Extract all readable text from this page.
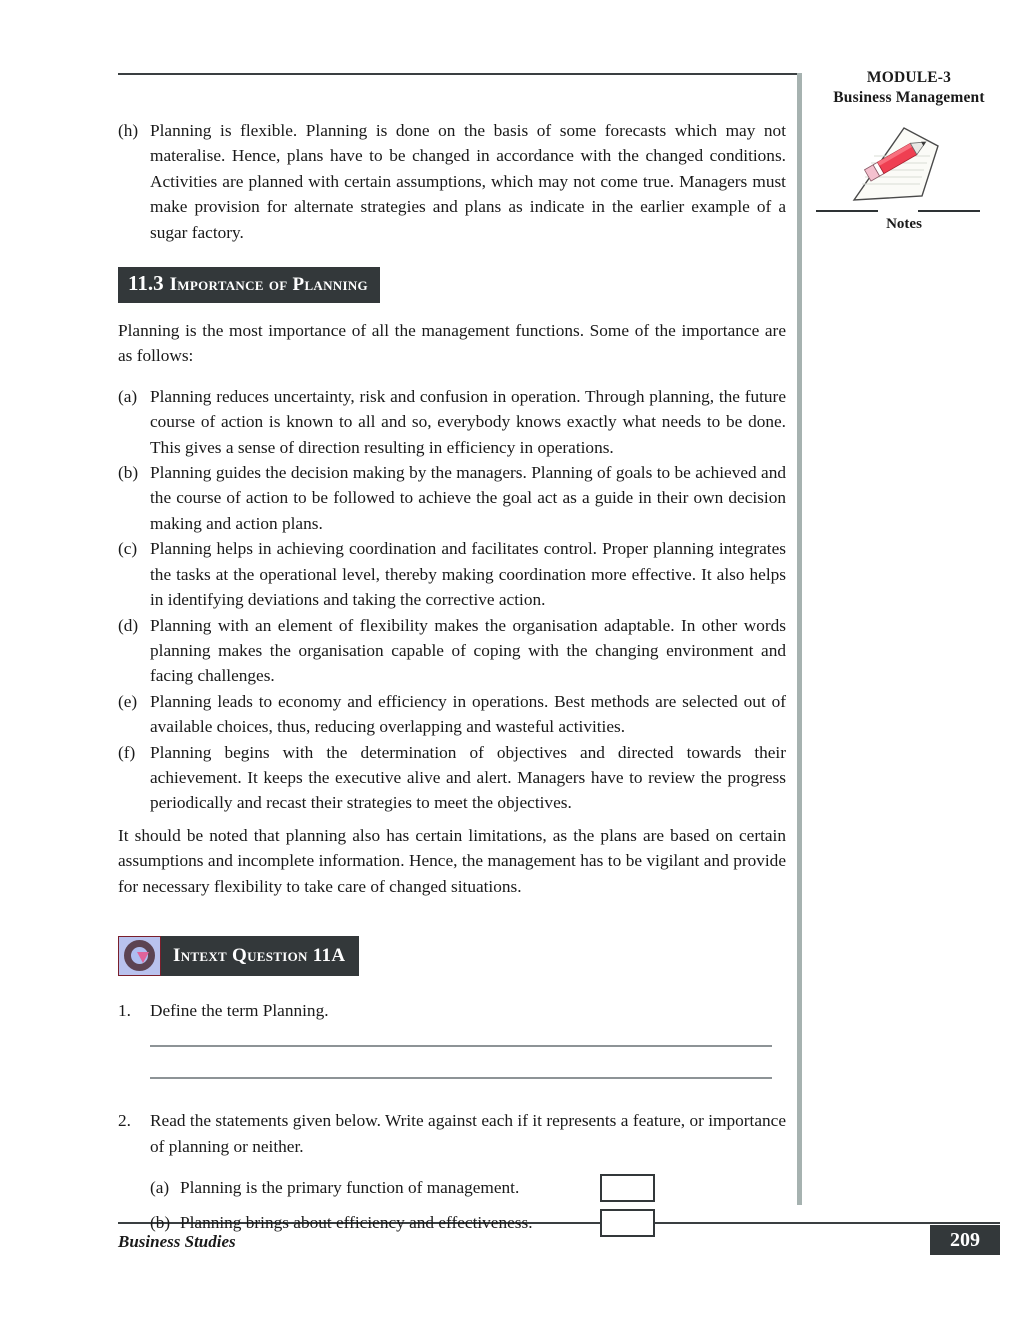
MODULE-3
Business Management
Notes
(h) Planning is flexible. Planning is done on the basis of some forecasts which may not materalise. Hence, plans have to be changed in accordance with the changed conditions. Activities are planned with certain assumptions, which may not come true. Managers must make provision for alternate strategies and plans as indicate in the earlier example of a sugar factory.
11.3 Importance of Planning

Planning is the most importance of all the management functions. Some of the importance are as follows:

(a) Planning reduces uncertainty, risk and confusion in operation. Through planning, the future course of action is known to all and so, everybody knows exactly what needs to be done. This gives a sense of direction resulting in efficiency in operations.
(b) Planning guides the decision making by the managers. Planning of goals to be achieved and the course of action to be followed to achieve the goal act as a guide in their own decision making and action plans.
(c) Planning helps in achieving coordination and facilitates control. Proper planning integrates the tasks at the operational level, thereby making coordination more effective. It also helps in identifying deviations and taking the corrective action.
(d) Planning with an element of flexibility makes the organisation adaptable. In other words planning makes the organisation capable of coping with the changing environment and facing challenges.
(e) Planning leads to economy and efficiency in operations. Best methods are selected out of available choices, thus, reducing overlapping and wasteful activities.
(f) Planning begins with the determination of objectives and directed towards their achievement. It keeps the executive alive and alert. Managers have to review the progress periodically and recast their strategies to meet the objectives.

It should be noted that planning also has certain limitations, as the plans are based on certain assumptions and incomplete information. Hence, the management has to be vigilant and provide for necessary flexibility to take care of changed situations.

Intext Question 11A
1.	Define the term Planning.
2.	Read the statements given below. Write against each if it represents a feature, or importance of planning or neither.
(a) Planning is the primary function of management.
(b) Planning brings about efficiency and effectiveness.
Business Studies	209
